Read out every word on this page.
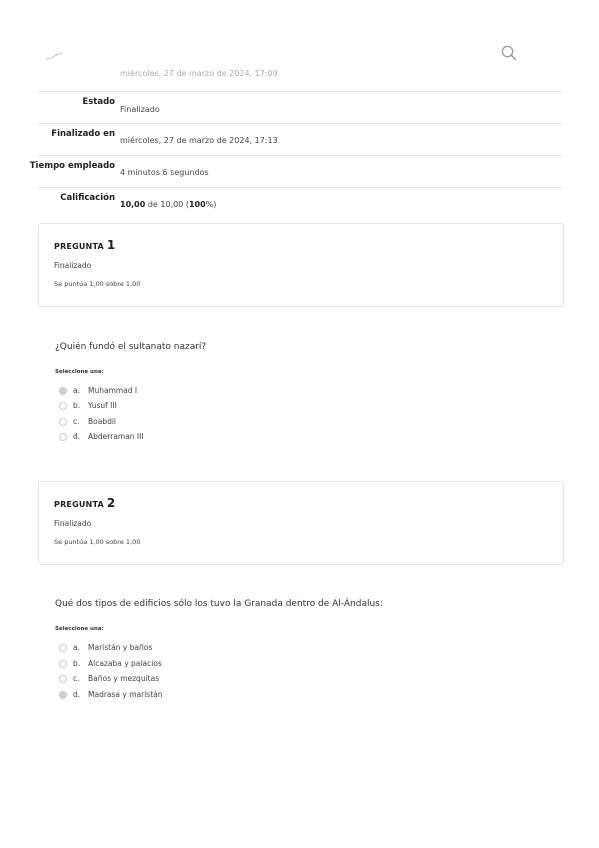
miércoles, 27 de marzo de 2024, 17:09
Estado
Finalizado
Finalizado en
miércoles, 27 de marzo de 2024, 17:13
Tiempo empleado
4 minutos 6 segundos
Calificación
10,00 de 10,00 (100%)
PREGUNTA 1
Finalizado
Se puntúa 1,00 sobre 1,00
¿Quién fundó el sultanato nazarí?
Seleccione una:
a. Muhammad I
b. Yusuf III
c. Boabdil
d. Abderraman III
PREGUNTA 2
Finalizado
Se puntúa 1,00 sobre 1,00
Qué dos tipos de edificios sólo los tuvo la Granada dentro de Al-Ándalus:
Seleccione una:
a. Maristán y baños
b. Alcazaba y palacios
c. Baños y mezquitas
d. Madrasa y maristán
